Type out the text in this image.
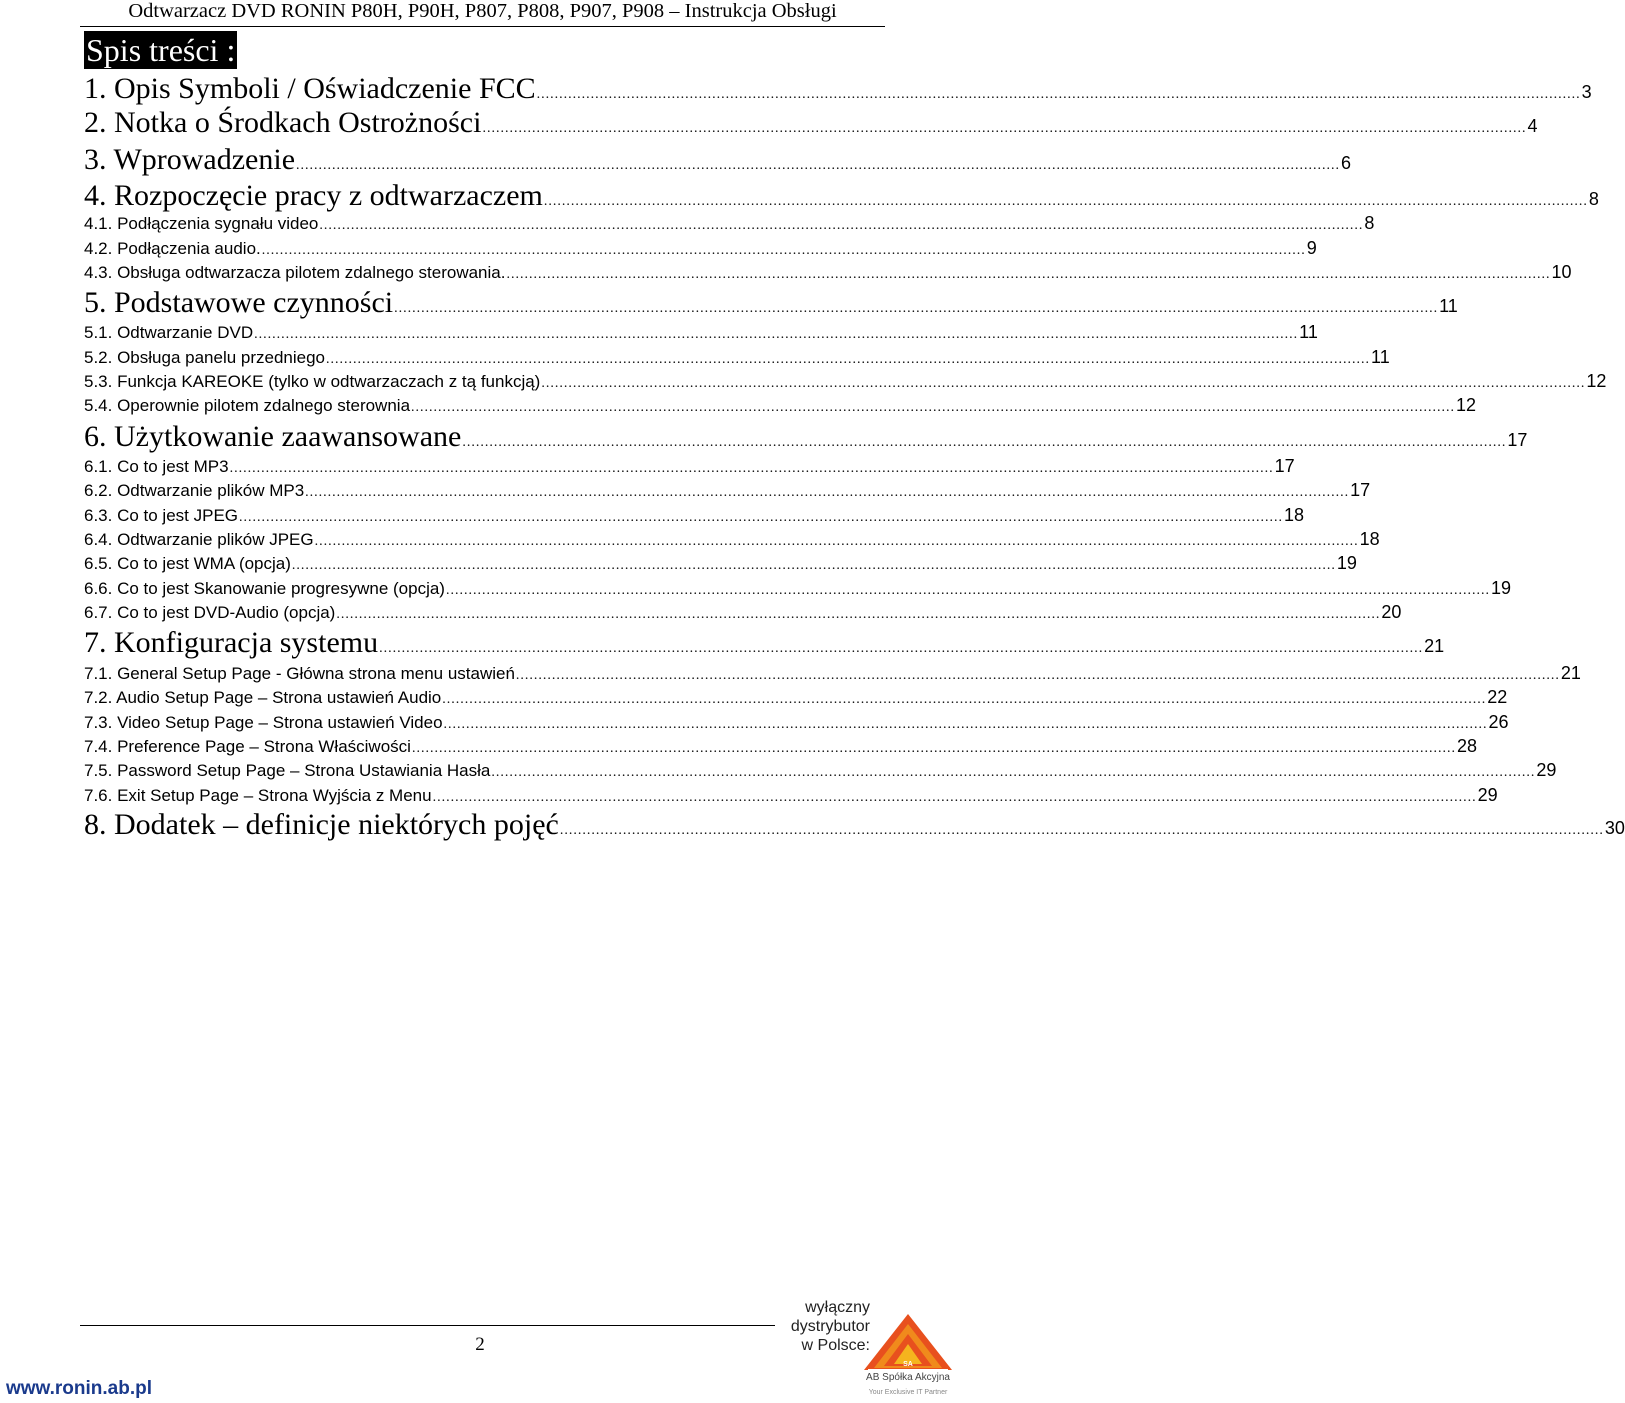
Odtwarzacz DVD RONIN P80H, P90H, P807, P808, P907, P908 – Instrukcja Obsługi
Spis treści :
1. Opis Symboli / Oświadczenie FCC ........................................................................................................................................................................................................................................ 3
2. Notka o Środkach Ostrożności ........................................................................................................................................................................................................................................ 4
3. Wprowadzenie ........................................................................................................................................................................................................................................ 6
4. Rozpoczęcie pracy z odtwarzaczem ........................................................................................................................................................................................................................................ 8
4.1. Podłączenia sygnału video ........................................................................................................................................................................................................................................ 8
4.2. Podłączenia audio. ........................................................................................................................................................................................................................................ 9
4.3. Obsługa odtwarzacza pilotem zdalnego sterowania. ........................................................................................................................................................................................................................................ 10
5. Podstawowe czynności ........................................................................................................................................................................................................................................ 11
5.1. Odtwarzanie DVD ........................................................................................................................................................................................................................................ 11
5.2. Obsługa panelu przedniego ........................................................................................................................................................................................................................................ 11
5.3. Funkcja KAREOKE (tylko w odtwarzaczach z tą funkcją) ........................................................................................................................................................................................................................................ 12
5.4. Operownie pilotem zdalnego sterownia ........................................................................................................................................................................................................................................ 12
6. Użytkowanie zaawansowane ........................................................................................................................................................................................................................................ 17
6.1. Co to jest MP3 ........................................................................................................................................................................................................................................ 17
6.2. Odtwarzanie plików MP3 ........................................................................................................................................................................................................................................ 17
6.3. Co to jest JPEG ........................................................................................................................................................................................................................................ 18
6.4. Odtwarzanie plików JPEG ........................................................................................................................................................................................................................................ 18
6.5. Co to jest WMA (opcja) ........................................................................................................................................................................................................................................ 19
6.6. Co to jest Skanowanie progresywne (opcja) ........................................................................................................................................................................................................................................ 19
6.7. Co to jest DVD-Audio (opcja) ........................................................................................................................................................................................................................................ 20
7. Konfiguracja systemu ........................................................................................................................................................................................................................................ 21
7.1. General Setup Page - Główna strona menu ustawień ........................................................................................................................................................................................................................................ 21
7.2. Audio Setup Page – Strona ustawień Audio ........................................................................................................................................................................................................................................ 22
7.3. Video Setup Page – Strona ustawień Video ........................................................................................................................................................................................................................................ 26
7.4. Preference Page – Strona Właściwości ........................................................................................................................................................................................................................................ 28
7.5. Password Setup Page – Strona Ustawiania Hasła ........................................................................................................................................................................................................................................ 29
7.6. Exit Setup Page – Strona Wyjścia z Menu ........................................................................................................................................................................................................................................ 29
8. Dodatek – definicje niektórych pojęć ........................................................................................................................................................................................................................................ 30
2
www.ronin.ab.pl
wyłączny
dystrybutor
w Polsce:
SA
AB Spółka Akcyjna
Your Exclusive IT Partner
